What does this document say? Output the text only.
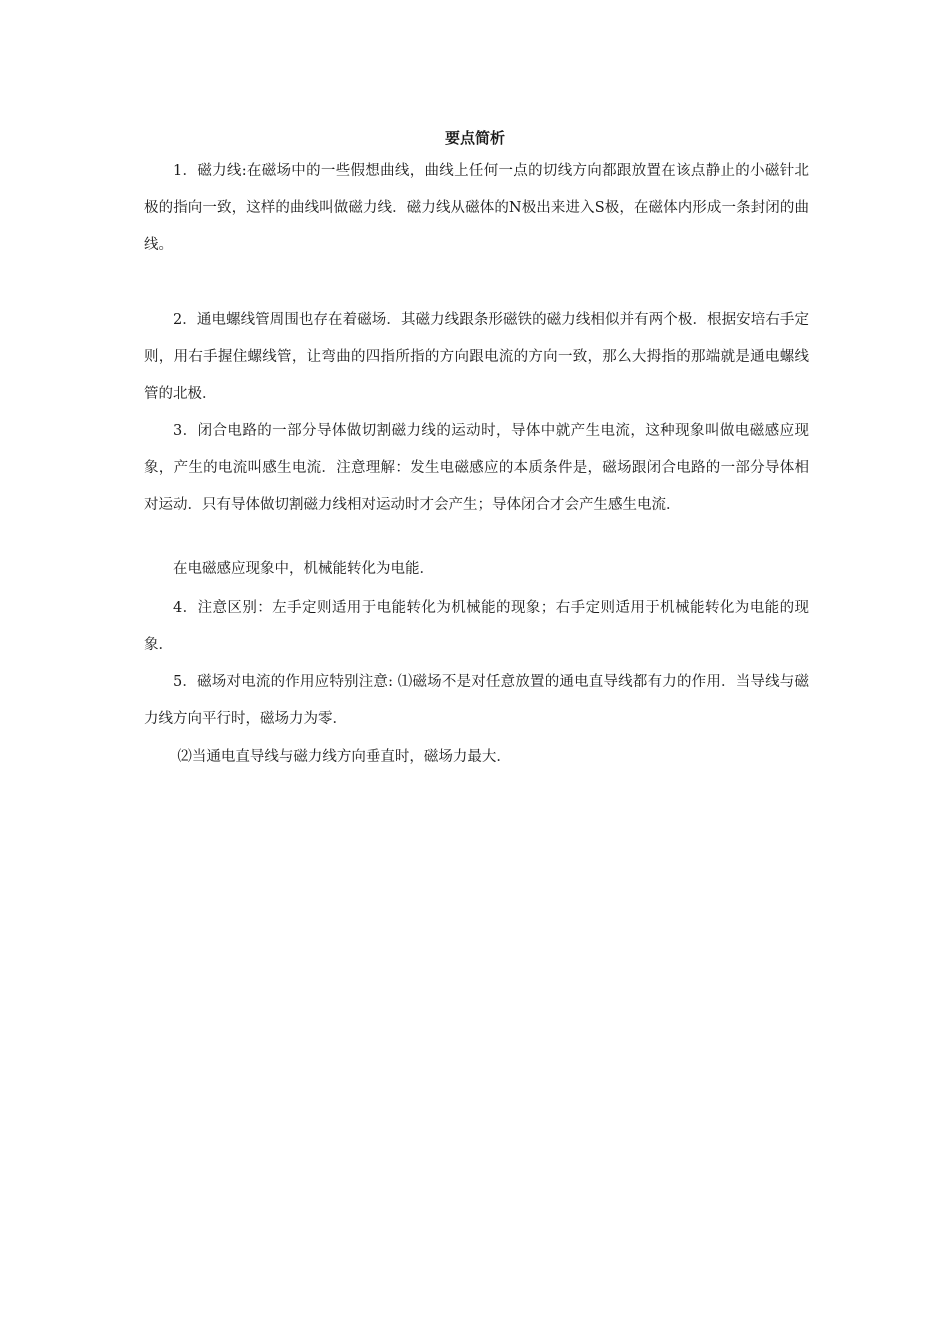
要点简析

1．磁力线:在磁场中的一些假想曲线，曲线上任何一点的切线方向都跟放置在该点静止的小磁针北极的指向一致，这样的曲线叫做磁力线．磁力线从磁体的N极出来进入S极，在磁体内形成一条封闭的曲线。

2．通电螺线管周围也存在着磁场．其磁力线跟条形磁铁的磁力线相似并有两个极．根据安培右手定则，用右手握住螺线管，让弯曲的四指所指的方向跟电流的方向一致，那么大拇指的那端就是通电螺线管的北极．

3．闭合电路的一部分导体做切割磁力线的运动时，导体中就产生电流，这种现象叫做电磁感应现象，产生的电流叫感生电流．注意理解：发生电磁感应的本质条件是，磁场跟闭合电路的一部分导体相对运动．只有导体做切割磁力线相对运动时才会产生；导体闭合才会产生感生电流．

在电磁感应现象中，机械能转化为电能．

4．注意区别：左手定则适用于电能转化为机械能的现象；右手定则适用于机械能转化为电能的现象．

5．磁场对电流的作用应特别注意: ⑴磁场不是对任意放置的通电直导线都有力的作用．当导线与磁力线方向平行时，磁场力为零．

⑵当通电直导线与磁力线方向垂直时，磁场力最大．
